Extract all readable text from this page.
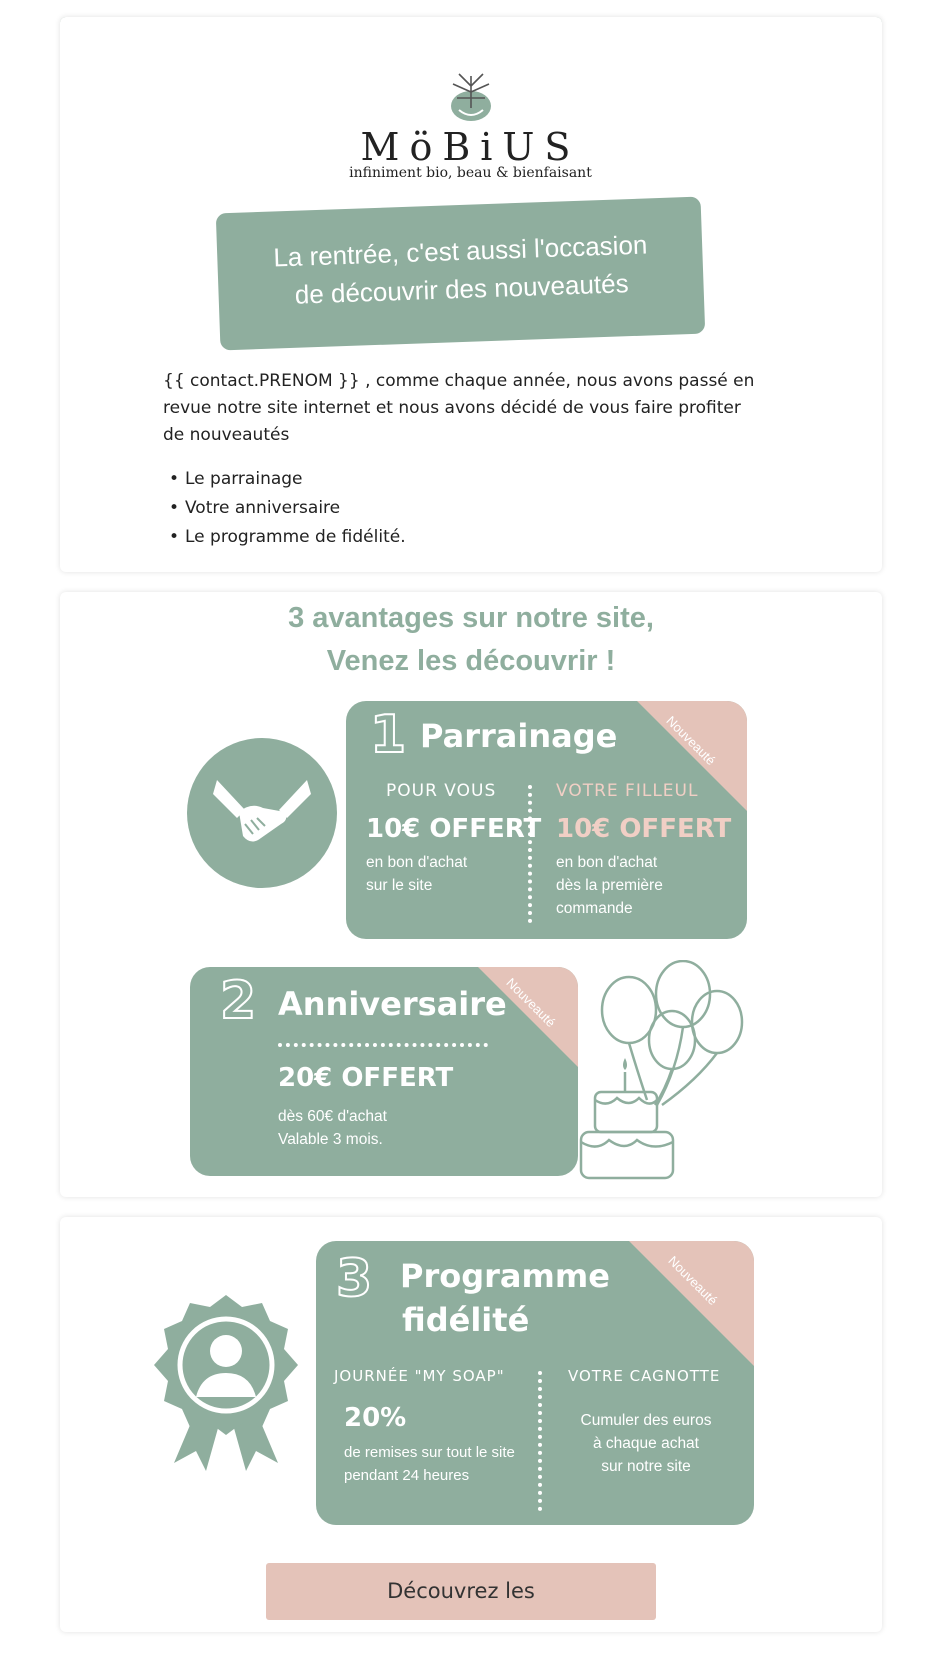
MöBiUS
infiniment bio, beau & bienfaisant
La rentrée, c'est aussi l'occasion
de découvrir des nouveautés
{{ contact.PRENOM }} , comme chaque année, nous avons passé en revue notre site internet et nous avons décidé de vous faire profiter de nouveautés
• Le parrainage
• Votre anniversaire
• Le programme de fidélité.
3 avantages sur notre site,
Venez les découvrir !
Nouveauté
1 Parrainage
POUR VOUS
10€ OFFERT
en bon d'achat
sur le site
VOTRE FILLEUL
10€ OFFERT
en bon d'achat
dès la première
commande
Nouveauté
2 Anniversaire
20€ OFFERT
dès 60€ d'achat
Valable 3 mois.
Nouveauté
3 Programme
fidélité
JOURNÉE "MY SOAP"
20%
de remises sur tout le site
pendant 24 heures
VOTRE CAGNOTTE
Cumuler des euros
à chaque achat
sur notre site
Découvrez les
